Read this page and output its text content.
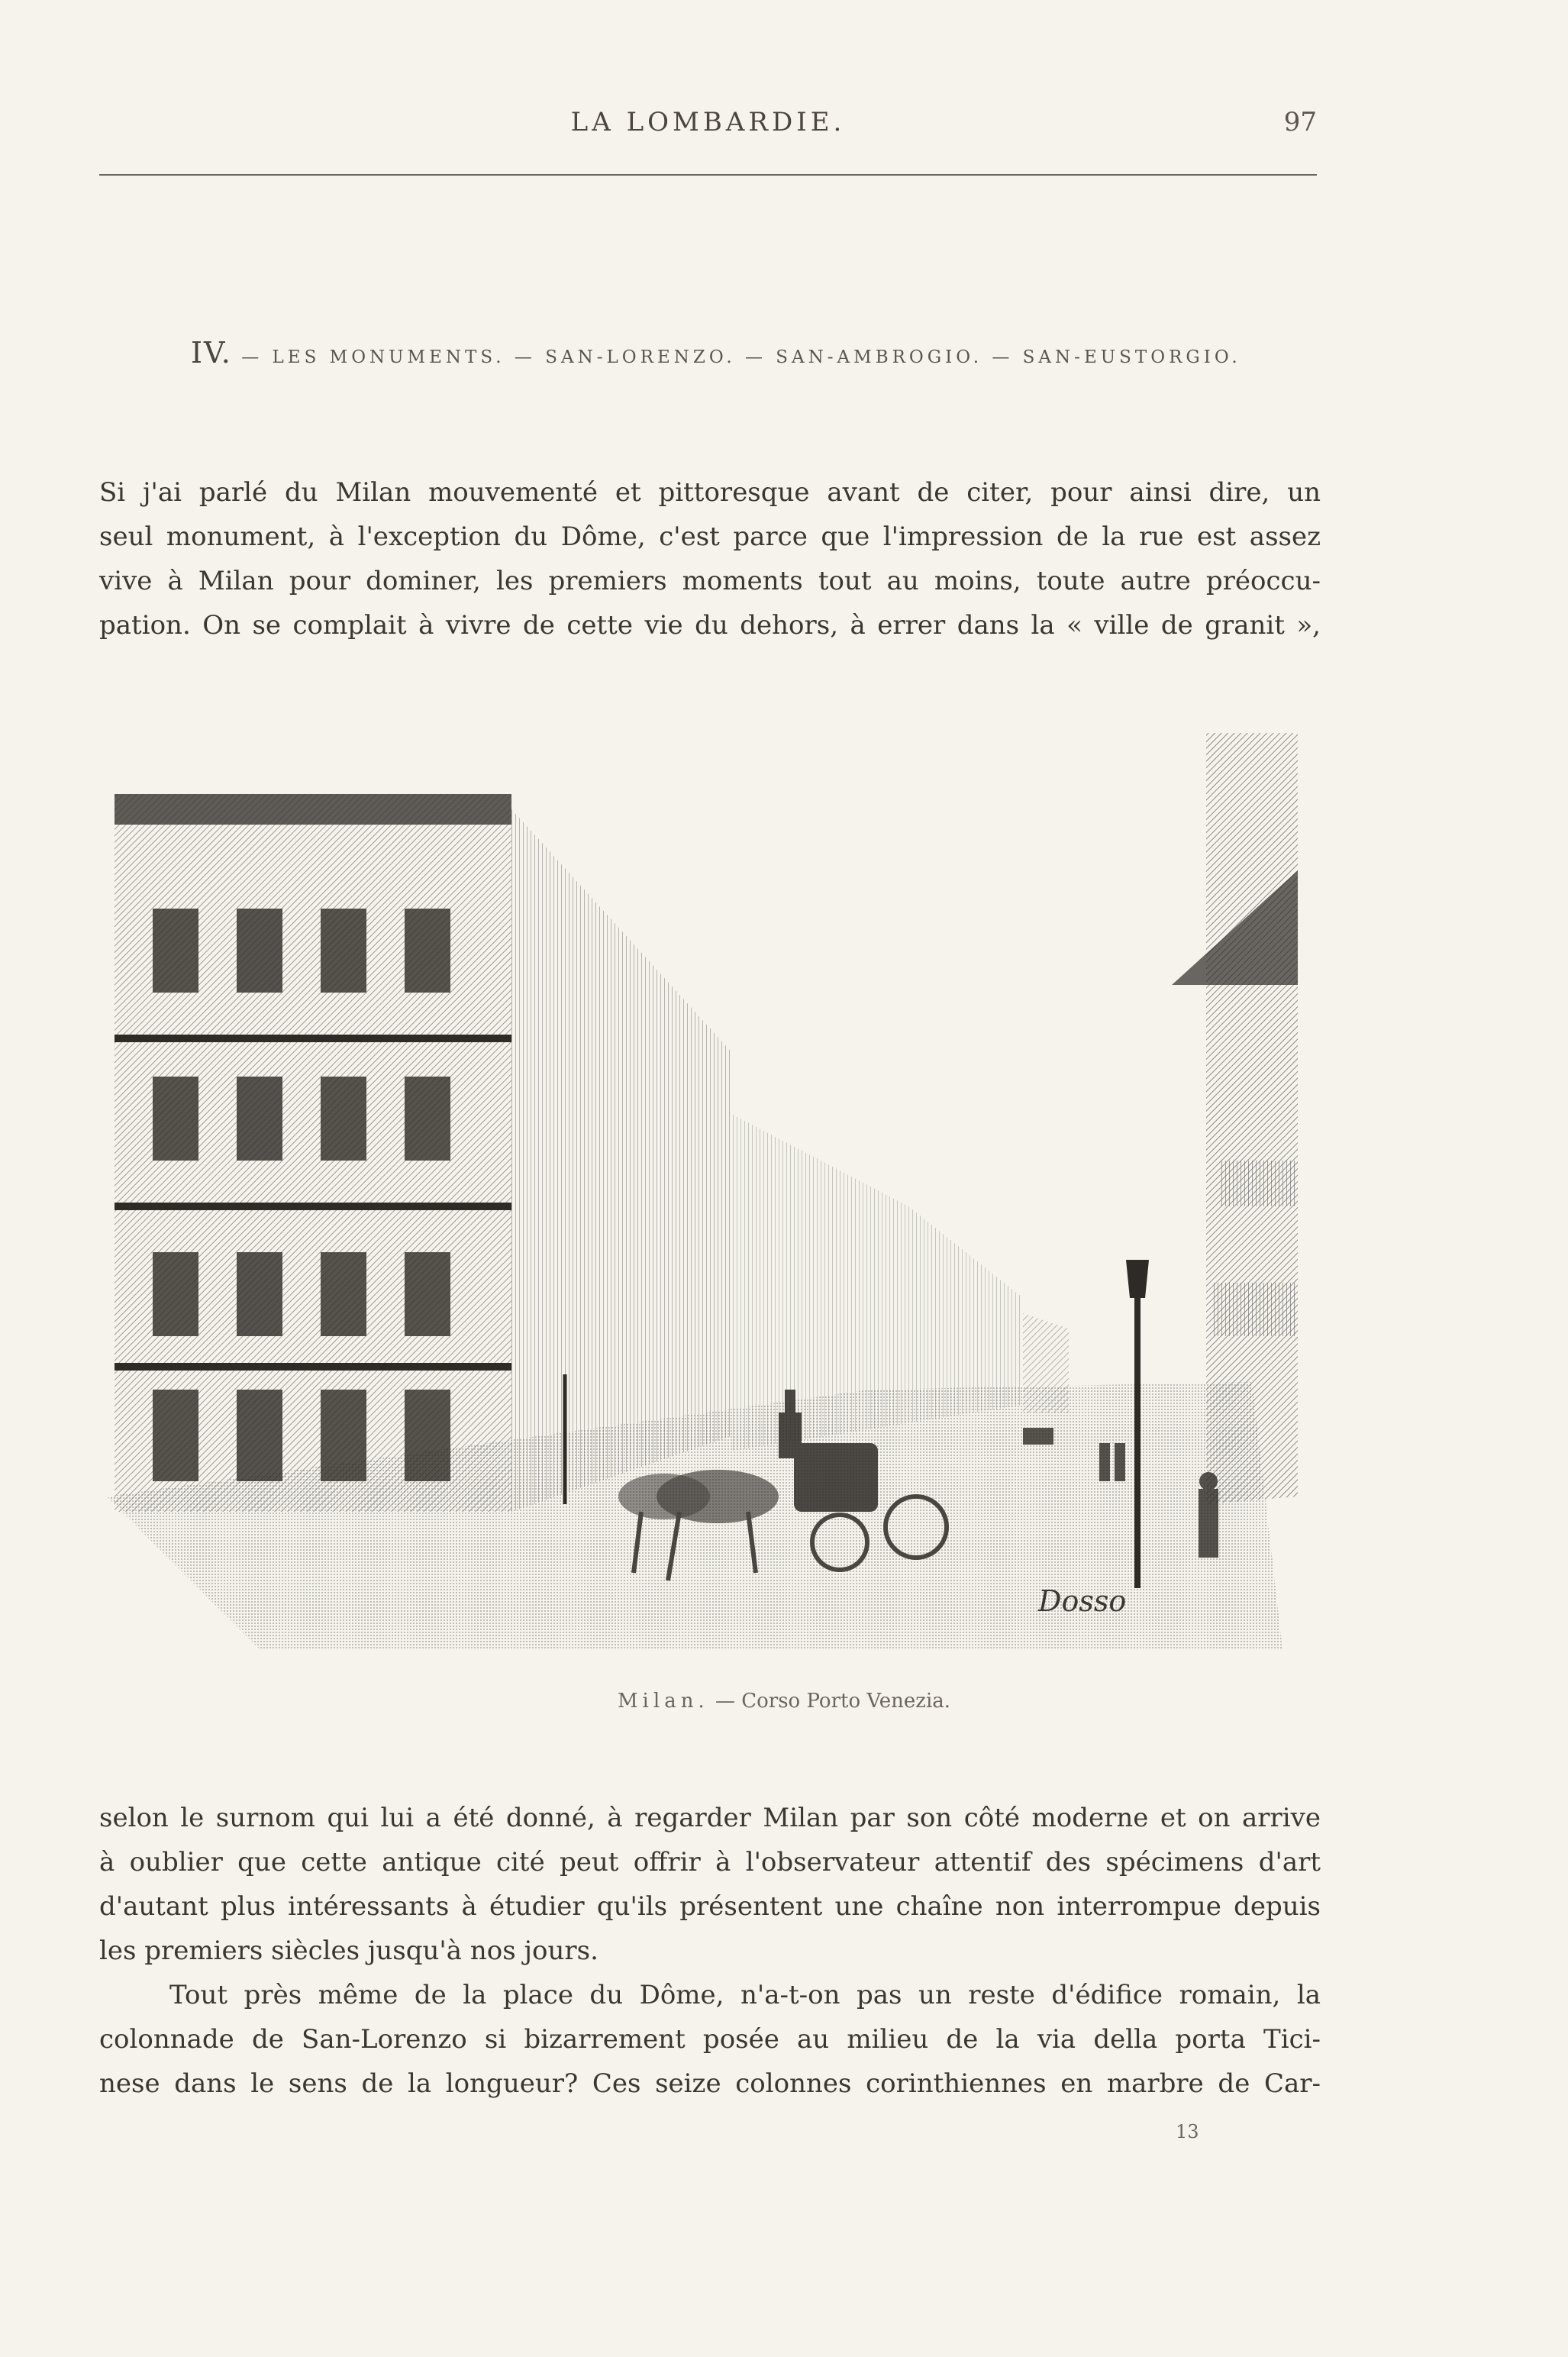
LA LOMBARDIE.	97
IV. — LES MONUMENTS. — SAN-LORENZO. — SAN-AMBROGIO. — SAN-EUSTORGIO.
Si j'ai parlé du Milan mouvementé et pittoresque avant de citer, pour ainsi dire, un
seul monument, à l'exception du Dôme, c'est parce que l'impression de la rue est assez
vive à Milan pour dominer, les premiers moments tout au moins, toute autre préoccu-
pation. On se complait à vivre de cette vie du dehors, à errer dans la « ville de granit »,
Dosso
Milan. — Corso Porto Venezia.
selon le surnom qui lui a été donné, à regarder Milan par son côté moderne et on arrive
à oublier que cette antique cité peut offrir à l'observateur attentif des spécimens d'art
d'autant plus intéressants à étudier qu'ils présentent une chaîne non interrompue depuis
les premiers siècles jusqu'à nos jours.
Tout près même de la place du Dôme, n'a-t-on pas un reste d'édifice romain, la
colonnade de San-Lorenzo si bizarrement posée au milieu de la via della porta Tici-
nese dans le sens de la longueur? Ces seize colonnes corinthiennes en marbre de Car-
13
